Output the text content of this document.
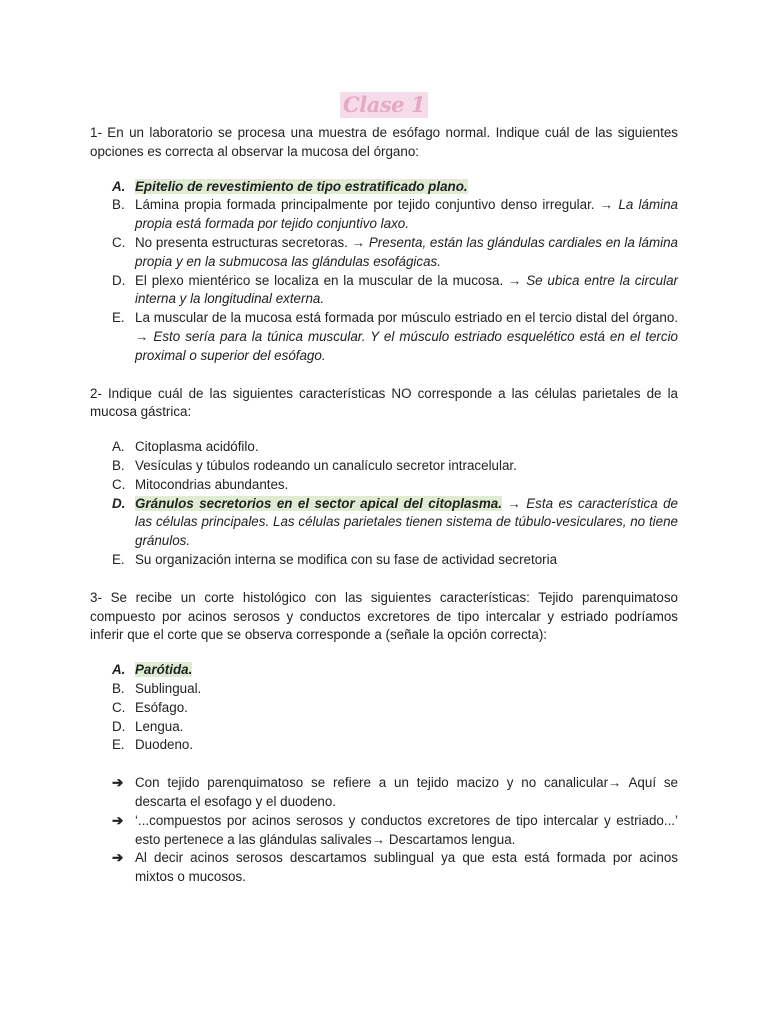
Clase 1

1- En un laboratorio se procesa una muestra de esófago normal. Indique cuál de las siguientes opciones es correcta al observar la mucosa del órgano:

A. Epitelio de revestimiento de tipo estratificado plano.
B. Lámina propia formada principalmente por tejido conjuntivo denso irregular. → La lámina propia está formada por tejido conjuntivo laxo.
C. No presenta estructuras secretoras. → Presenta, están las glándulas cardiales en la lámina propia y en la submucosa las glándulas esofágicas.
D. El plexo mientérico se localiza en la muscular de la mucosa. → Se ubica entre la circular interna y la longitudinal externa.
E. La muscular de la mucosa está formada por músculo estriado en el tercio distal del órgano. → Esto sería para la túnica muscular. Y el músculo estriado esquelético está en el tercio proximal o superior del esófago.

2- Indique cuál de las siguientes características NO corresponde a las células parietales de la mucosa gástrica:

A. Citoplasma acidófilo.
B. Vesículas y túbulos rodeando un canalículo secretor intracelular.
C. Mitocondrias abundantes.
D. Gránulos secretorios en el sector apical del citoplasma. → Esta es característica de las células principales. Las células parietales tienen sistema de túbulo-vesiculares, no tiene gránulos.
E. Su organización interna se modifica con su fase de actividad secretoria

3- Se recibe un corte histológico con las siguientes características: Tejido parenquimatoso compuesto por acinos serosos y conductos excretores de tipo intercalar y estriado podríamos inferir que el corte que se observa corresponde a (señale la opción correcta):

A. Parótida.
B. Sublingual.
C. Esófago.
D. Lengua.
E. Duodeno.
➔ Con tejido parenquimatoso se refiere a un tejido macizo y no canalicular→ Aquí se descarta el esofago y el duodeno.
➔ ‘...compuestos por acinos serosos y conductos excretores de tipo intercalar y estriado...’ esto pertenece a las glándulas salivales→ Descartamos lengua.
➔ Al decir acinos serosos descartamos sublingual ya que esta está formada por acinos mixtos o mucosos.
